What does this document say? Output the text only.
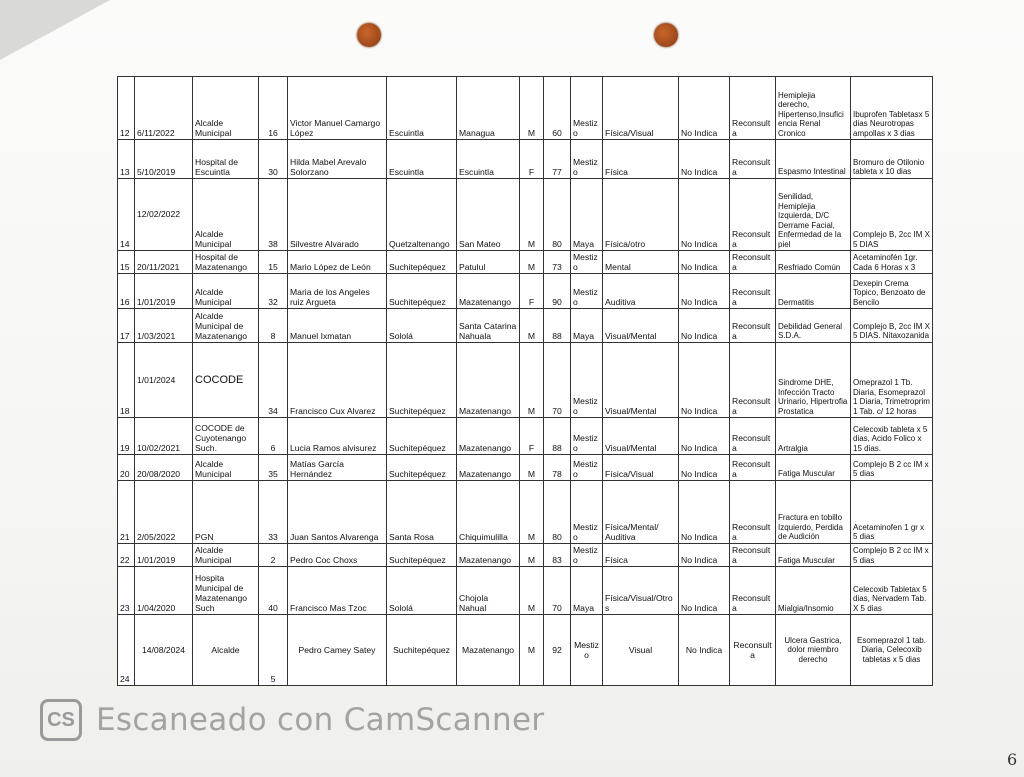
12	6/11/2022	Alcalde Municipal	16	Victor Manuel Camargo López	Escuintla	Managua	M	60	Mestizo	Física/Visual	No Indica	Reconsulta	Hemiplejia derecho, Hipertenso,Insuficiencia Renal Cronico	Ibuprofen Tabletasx 5 dias Neurotropas ampollas x 3 dias
13	5/10/2019	Hospital de Escuintla	30	Hilda Mabel Arevalo Solorzano	Escuintla	Escuintla	F	77	Mestizo	Física	No Indica	Reconsulta	Espasmo Intestinal	Bromuro de Otilonio tableta x 10 dias
14	12/02/2022	Alcalde Municipal	38	Silvestre Alvarado	Quetzaltenango	San Mateo	M	80	Maya	Física/otro	No Indica	Reconsulta	Senilidad, Hemiplejia Izquierda, D/C Derrame Facial, Enfermedad de la piel	Complejo B, 2cc IM X 5 DIAS
15	20/11/2021	Hospital de Mazatenango	15	Mario López de León	Suchitepéquez	Patulul	M	73	Mestizo	Mental	No Indica	Reconsulta	Resfriado Común	Acetaminofén 1gr. Cada 6 Horas x 3
16	1/01/2019	Alcalde Municipal	32	Maria de los Angeles ruiz Argueta	Suchitepéquez	Mazatenango	F	90	Mestizo	Auditiva	No Indica	Reconsulta	Dermatitis	Dexepin Crema Topico, Benzoato de Bencilo
17	1/03/2021	Alcalde Municipal de Mazatenango	8	Manuel Ixmatan	Sololá	Santa Catarina Nahuala	M	88	Maya	Visual/Mental	No Indica	Reconsulta	Debilidad General S.D.A.	Complejo B, 2cc IM X 5 DIAS. Nitaxozanida
18	1/01/2024	COCODE	34	Francisco Cux Alvarez	Suchitepéquez	Mazatenango	M	70	Mestizo	Visual/Mental	No Indica	Reconsulta	Sindrome DHE, Infección Tracto Urinario, Hipertrofia Prostatica	Omeprazol 1 Tb. Diaria, Esomeprazol 1 Diaria, Trimetroprim 1 Tab. c/ 12 horas
19	10/02/2021	COCODE de Cuyotenango Such.	6	Lucia Ramos alvisurez	Suchitepéquez	Mazatenango	F	88	Mestizo	Visual/Mental	No Indica	Reconsulta	Artralgia	Celecoxib tableta x 5 dias, Acido Folico x 15 dias.
20	20/08/2020	Alcalde Municipal	35	Matías García Hernández	Suchitepéquez	Mazatenango	M	78	Mestizo	Física/Visual	No Indica	Reconsulta	Fatiga Muscular	Complejo B 2 cc IM x 5 dias
21	2/05/2022	PGN	33	Juan Santos Alvarenga	Santa Rosa	Chiquimulilla	M	80	Mestizo	Física/Mental/ Auditiva	No Indica	Reconsulta	Fractura en tobillo Izquierdo, Perdida de Audición	Acetaminofen 1 gr x 5 dias
22	1/01/2019	Alcalde Municipal	2	Pedro Coc Choxs	Suchitepéquez	Mazatenango	M	83	Mestizo	Física	No Indica	Reconsulta	Fatiga Muscular	Complejo B 2 cc IM x 5 dias
23	1/04/2020	Hospita Municipal de Mazatenango Such	40	Francisco Mas Tzoc	Sololá	Chojola Nahual	M	70	Maya	Física/Visual/Otros	No Indica	Reconsulta	Mialgia/Insomio	Celecoxib Tabletax 5 dias, Nervadem Tab. X 5 dias
24	14/08/2024	Alcalde	5	Pedro Camey Satey	Suchitepéquez	Mazatenango	M	92	Mestizo	Visual	No Indica	Reconsulta	Ulcera Gastrica, dolor miembro derecho	Esomeprazol 1 tab. Diaria, Celecoxib tabletas x 5 dias
CS Escaneado con CamScanner
6
